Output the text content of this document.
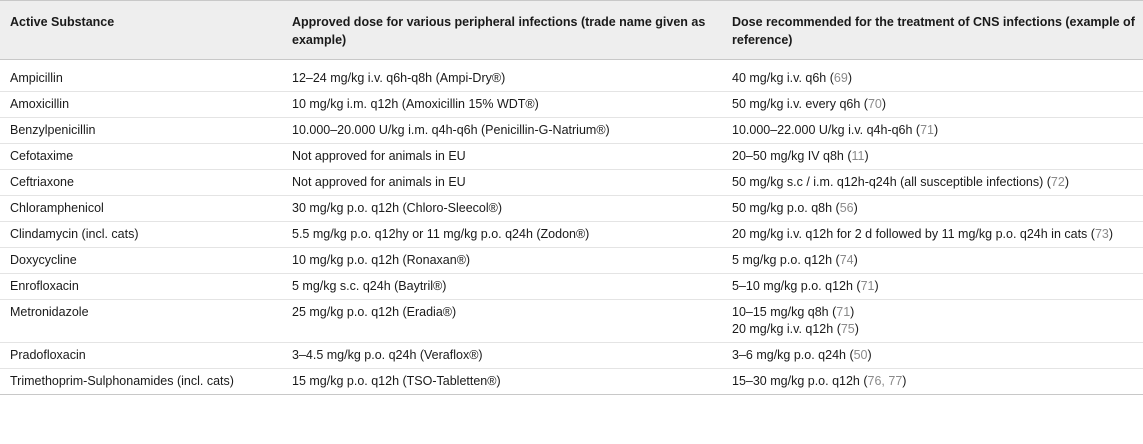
Active Substance	Approved dose for various peripheral infections (trade name given as example)	Dose recommended for the treatment of CNS infections (example of reference)
Ampicillin	12–24 mg/kg i.v. q6h-q8h (Ampi-Dry®)	40 mg/kg i.v. q6h (69)

Amoxicillin	10 mg/kg i.m. q12h (Amoxicillin 15% WDT®)	50 mg/kg i.v. every q6h (70)

Benzylpenicillin	10.000–20.000 U/kg i.m. q4h-q6h (Penicillin-G-Natrium®)	10.000–22.000 U/kg i.v. q4h-q6h (71)

Cefotaxime	Not approved for animals in EU	20–50 mg/kg IV q8h (11)

Ceftriaxone	Not approved for animals in EU	50 mg/kg s.c / i.m. q12h-q24h (all susceptible infections) (72)

Chloramphenicol	30 mg/kg p.o. q12h (Chloro-Sleecol®)	50 mg/kg p.o. q8h (56)

Clindamycin (incl. cats)	5.5 mg/kg p.o. q12hy or 11 mg/kg p.o. q24h (Zodon®)	20 mg/kg i.v. q12h for 2 d followed by 11 mg/kg p.o. q24h in cats (73)

Doxycycline	10 mg/kg p.o. q12h (Ronaxan®)	5 mg/kg p.o. q12h (74)

Enrofloxacin	5 mg/kg s.c. q24h (Baytril®)	5–10 mg/kg p.o. q12h (71)

Metronidazole	25 mg/kg p.o. q12h (Eradia®)	10–15 mg/kg q8h (71)
20 mg/kg i.v. q12h (75)

Pradofloxacin	3–4.5 mg/kg p.o. q24h (Veraflox®)	3–6 mg/kg p.o. q24h (50)

Trimethoprim-Sulphonamides (incl. cats)	15 mg/kg p.o. q12h (TSO-Tabletten®)	15–30 mg/kg p.o. q12h (76, 77)
